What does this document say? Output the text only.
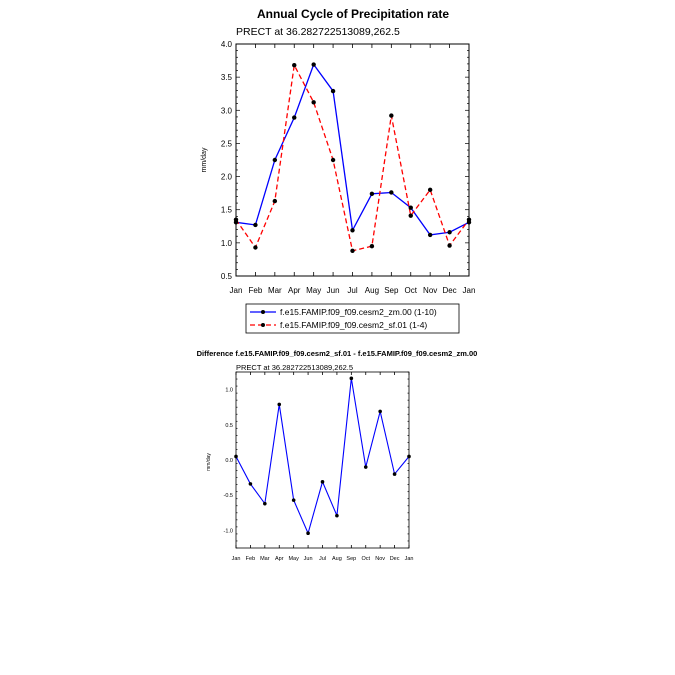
Annual Cycle of Precipitation rate
PRECT at 36.282722513089,262.5
Difference f.e15.FAMIP.f09_f09.cesm2_sf.01 - f.e15.FAMIP.f09_f09.cesm2_zm.00
PRECT at 36.282722513089,262.5
Jan Feb Mar Apr May Jun Jul Aug Sep Oct Nov Dec Jan
0.5
1.0
1.5
2.0
2.5
3.0
3.5
4.0
mm/day
f.e15.FAMIP.f09_f09.cesm2_zm.00 (1-10)
f.e15.FAMIP.f09_f09.cesm2_sf.01 (1-4)
Jan Feb Mar Apr May Jun Jul Aug Sep Oct Nov Dec Jan
-1.0
-0.5
0.0
0.5
1.0
mm/day
